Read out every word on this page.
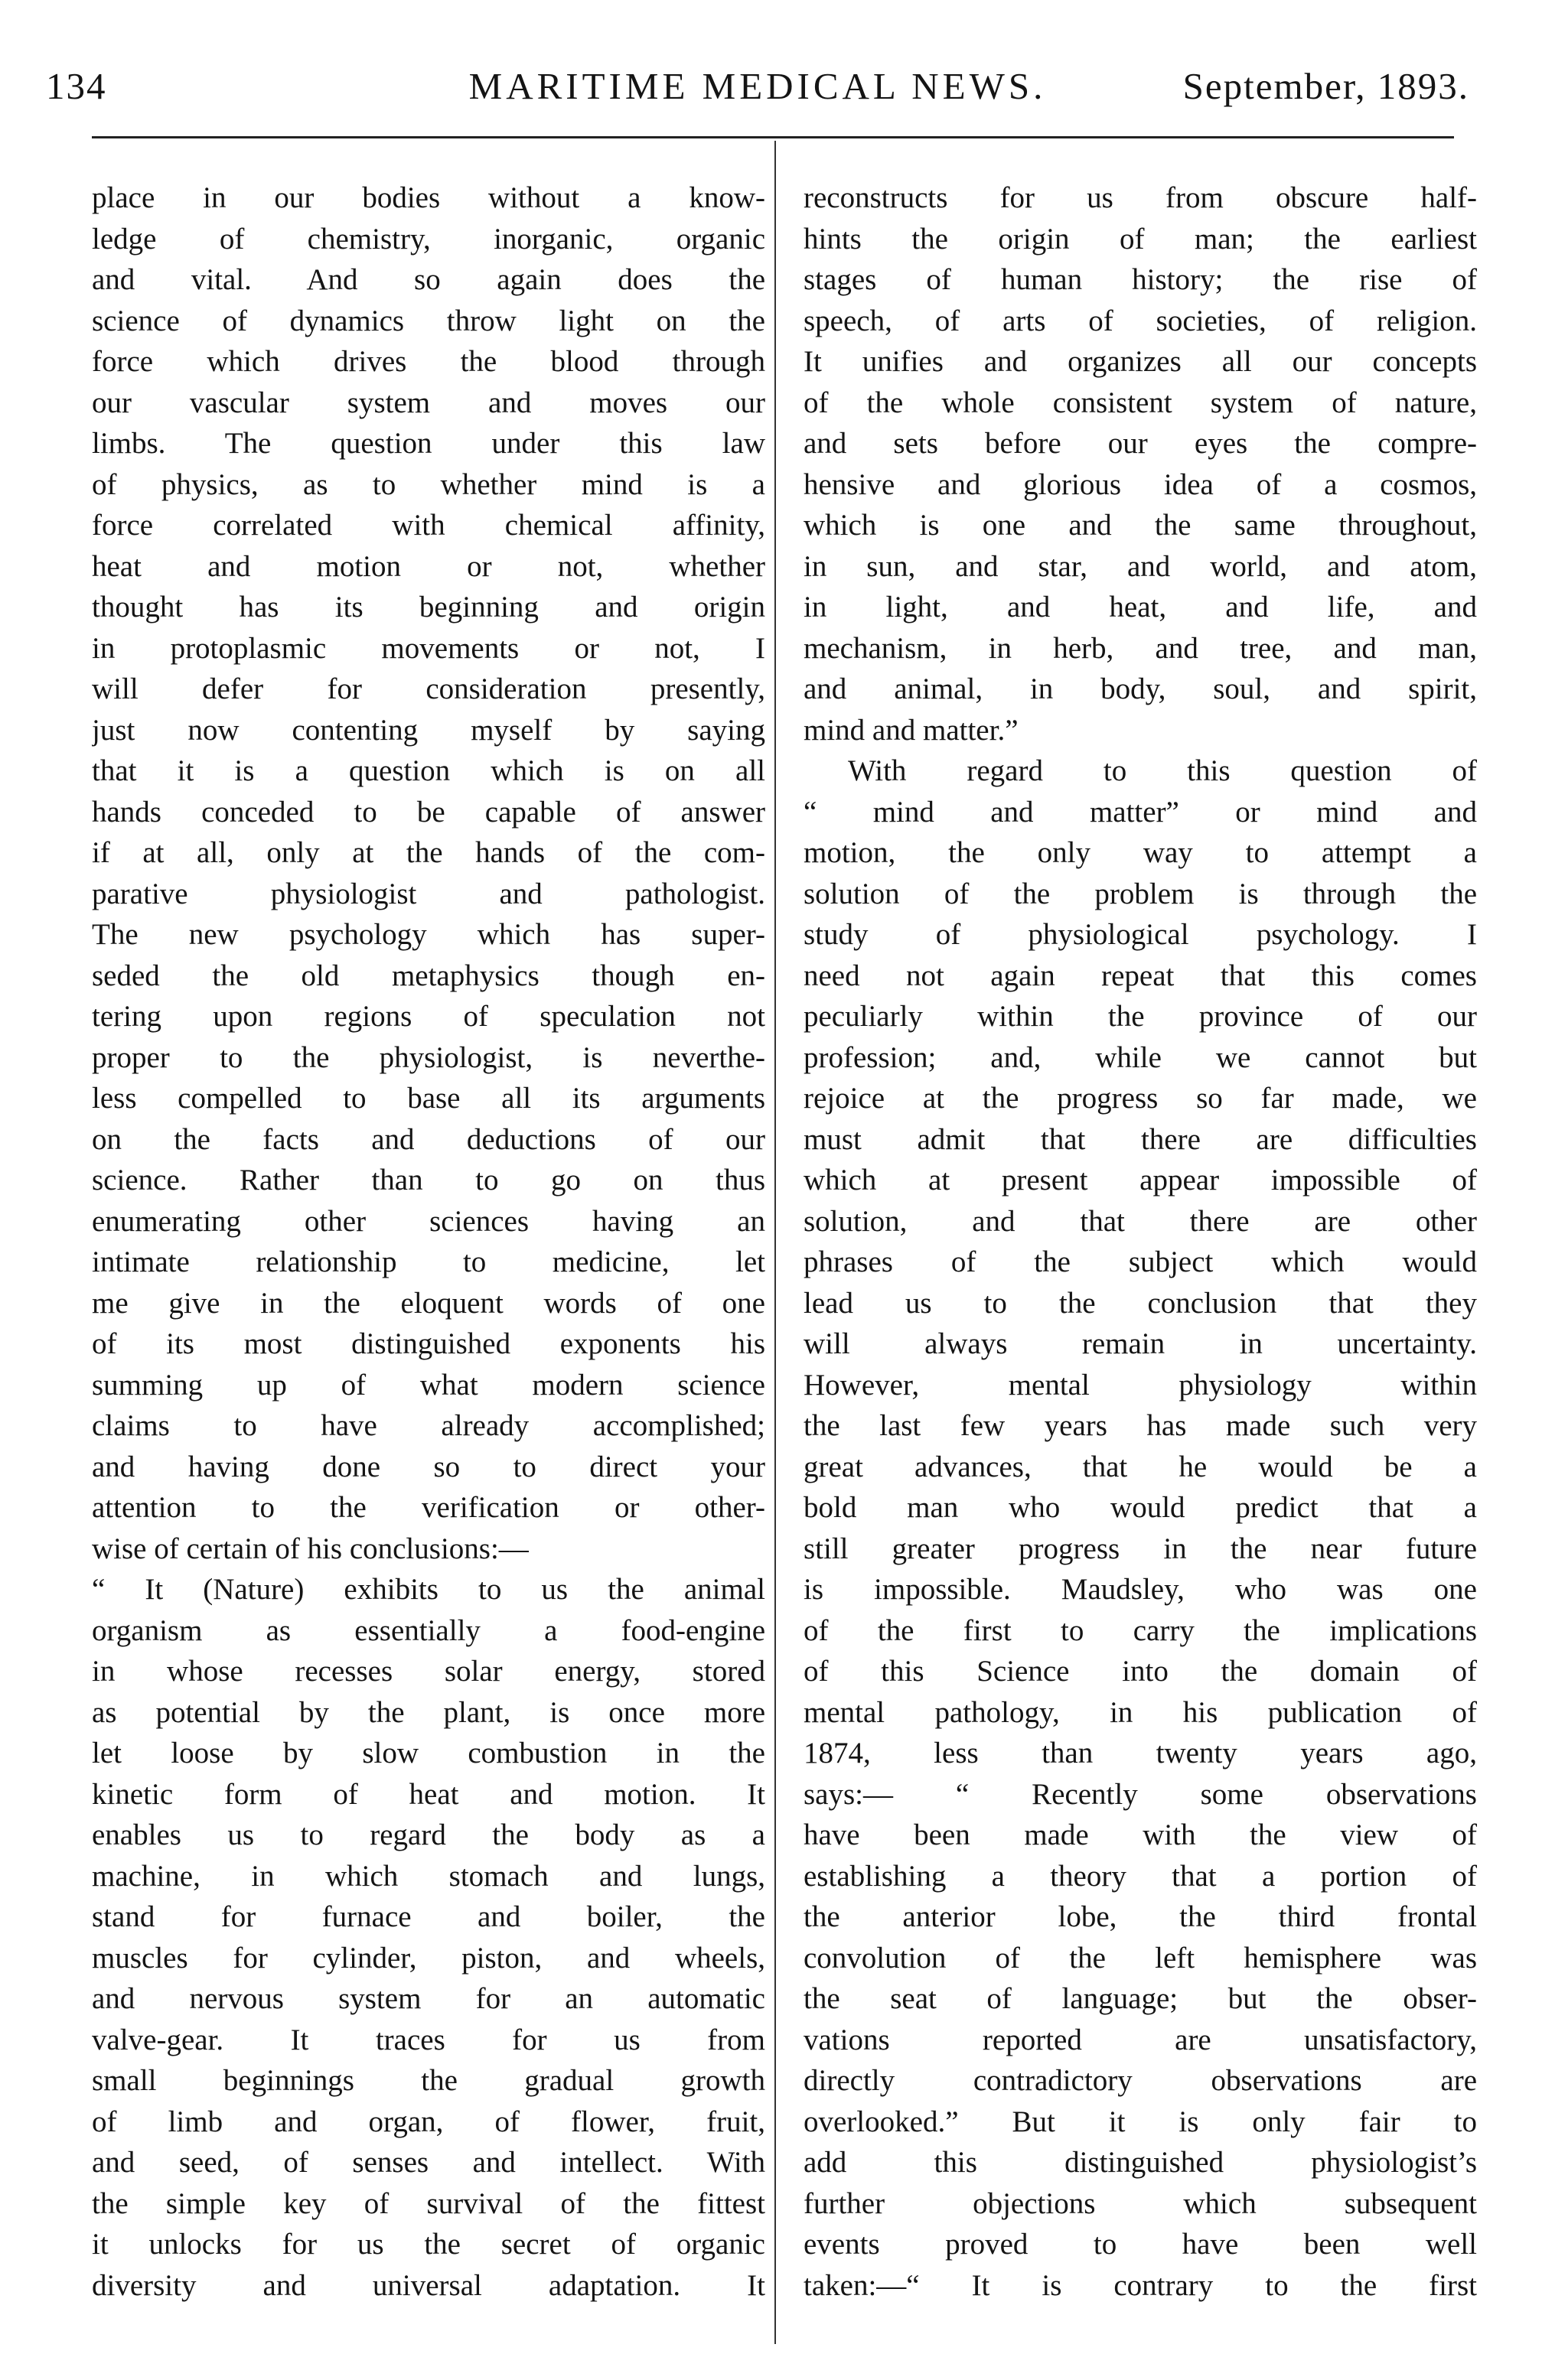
134	MARITIME MEDICAL NEWS.	September, 1893.
place in our bodies without a know-
ledge of chemistry, inorganic, organic
and vital. And so again does the
science of dynamics throw light on the
force which drives the blood through
our vascular system and moves our
limbs. The question under this law
of physics, as to whether mind is a
force correlated with chemical affinity,
heat and motion or not, whether
thought has its beginning and origin
in protoplasmic movements or not, I
will defer for consideration presently,
just now contenting myself by saying
that it is a question which is on all
hands conceded to be capable of answer
if at all, only at the hands of the com-
parative physiologist and pathologist.
The new psychology which has super-
seded the old metaphysics though en-
tering upon regions of speculation not
proper to the physiologist, is neverthe-
less compelled to base all its arguments
on the facts and deductions of our
science. Rather than to go on thus
enumerating other sciences having an
intimate relationship to medicine, let
me give in the eloquent words of one
of its most distinguished exponents his
summing up of what modern science
claims to have already accomplished;
and having done so to direct your
attention to the verification or other-
wise of certain of his conclusions:—
“ It (Nature) exhibits to us the animal
organism as essentially a food-engine
in whose recesses solar energy, stored
as potential by the plant, is once more
let loose by slow combustion in the
kinetic form of heat and motion. It
enables us to regard the body as a
machine, in which stomach and lungs,
stand for furnace and boiler, the
muscles for cylinder, piston, and wheels,
and nervous system for an automatic
valve-gear. It traces for us from
small beginnings the gradual growth
of limb and organ, of flower, fruit,
and seed, of senses and intellect. With
the simple key of survival of the fittest
it unlocks for us the secret of organic
diversity and universal adaptation. It
reconstructs for us from obscure half-
hints the origin of man; the earliest
stages of human history; the rise of
speech, of arts of societies, of religion.
It unifies and organizes all our concepts
of the whole consistent system of nature,
and sets before our eyes the compre-
hensive and glorious idea of a cosmos,
which is one and the same throughout,
in sun, and star, and world, and atom,
in light, and heat, and life, and
mechanism, in herb, and tree, and man,
and animal, in body, soul, and spirit,
mind and matter.”
With regard to this question of
“ mind and matter” or mind and
motion, the only way to attempt a
solution of the problem is through the
study of physiological psychology. I
need not again repeat that this comes
peculiarly within the province of our
profession; and, while we cannot but
rejoice at the progress so far made, we
must admit that there are difficulties
which at present appear impossible of
solution, and that there are other
phrases of the subject which would
lead us to the conclusion that they
will always remain in uncertainty.
However, mental physiology within
the last few years has made such very
great advances, that he would be a
bold man who would predict that a
still greater progress in the near future
is impossible. Maudsley, who was one
of the first to carry the implications
of this Science into the domain of
mental pathology, in his publication of
1874, less than twenty years ago,
says:— “ Recently some observations
have been made with the view of
establishing a theory that a portion of
the anterior lobe, the third frontal
convolution of the left hemisphere was
the seat of language; but the obser-
vations reported are unsatisfactory,
directly contradictory observations are
overlooked.” But it is only fair to
add this distinguished physiologist’s
further objections which subsequent
events proved to have been well
taken:—“ It is contrary to the first
